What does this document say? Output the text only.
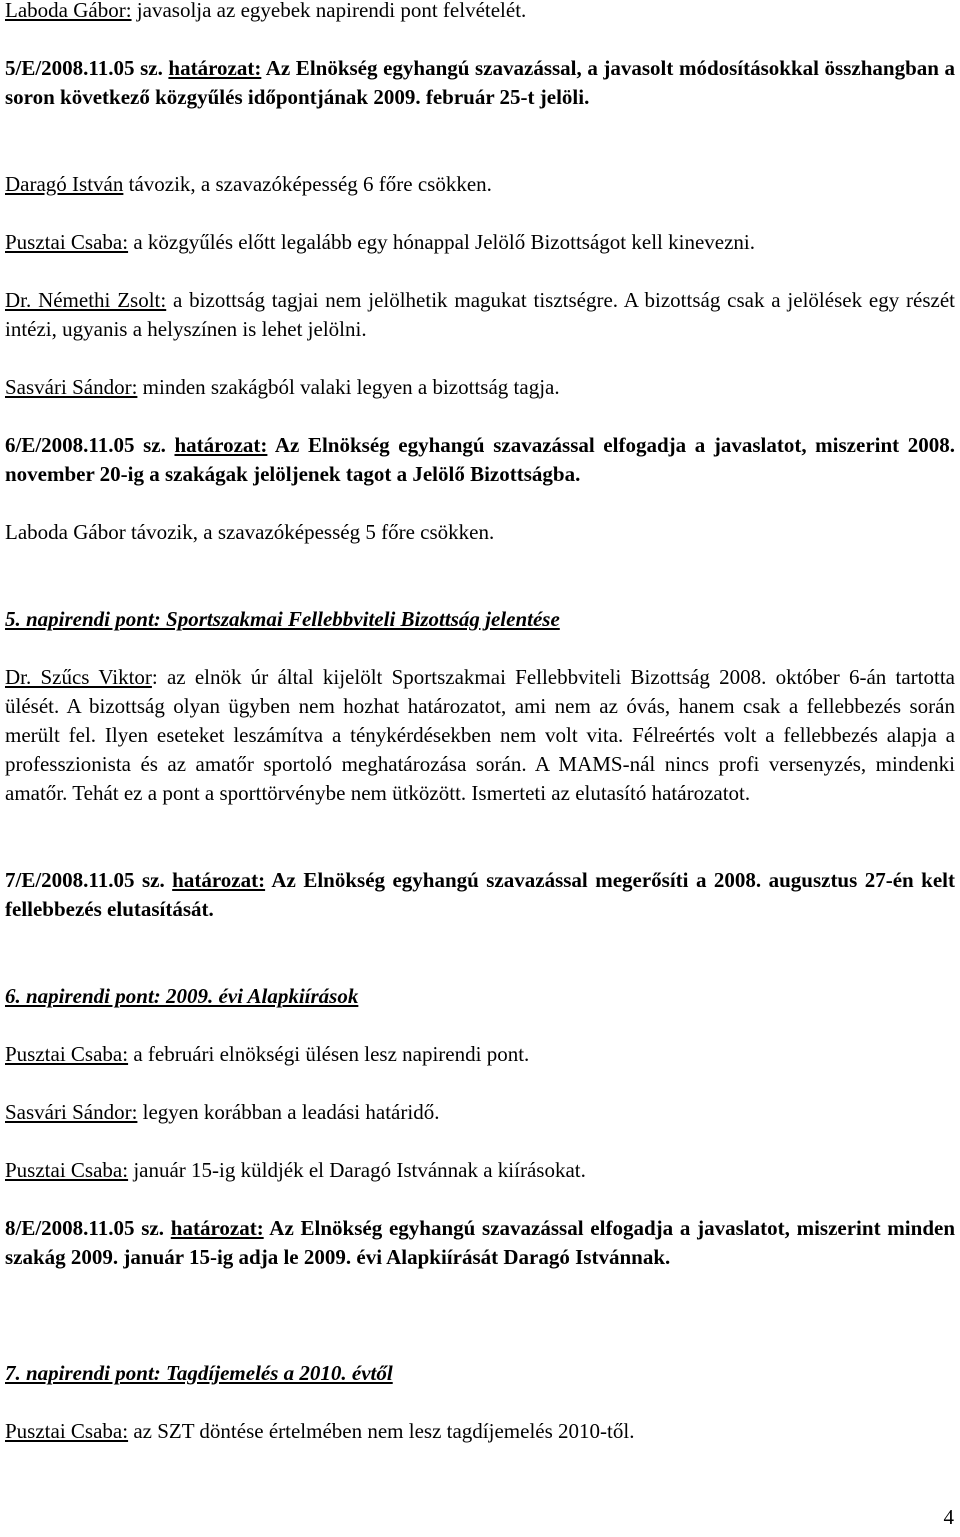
Laboda Gábor: javasolja az egyebek napirendi pont felvételét.

5/E/2008.11.05 sz. határozat: Az Elnökség egyhangú szavazással, a javasolt módosításokkal összhangban a soron következő közgyűlés időpontjának 2009. február 25-t jelöli.

Daragó István távozik, a szavazóképesség 6 főre csökken.

Pusztai Csaba: a közgyűlés előtt legalább egy hónappal Jelölő Bizottságot kell kinevezni.

Dr. Némethi Zsolt: a bizottság tagjai nem jelölhetik magukat tisztségre. A bizottság csak a jelölések egy részét intézi, ugyanis a helyszínen is lehet jelölni.

Sasvári Sándor: minden szakágból valaki legyen a bizottság tagja.

6/E/2008.11.05 sz. határozat: Az Elnökség egyhangú szavazással elfogadja a javaslatot, miszerint 2008. november 20-ig a szakágak jelöljenek tagot a Jelölő Bizottságba.

Laboda Gábor távozik, a szavazóképesség 5 főre csökken.

5. napirendi pont: Sportszakmai Fellebbviteli Bizottság jelentése

Dr. Szűcs Viktor: az elnök úr által kijelölt Sportszakmai Fellebbviteli Bizottság 2008. október 6-án tartotta ülését. A bizottság olyan ügyben nem hozhat határozatot, ami nem az óvás, hanem csak a fellebbezés során merült fel. Ilyen eseteket leszámítva a ténykérdésekben nem volt vita. Félreértés volt a fellebbezés alapja a professzionista és az amatőr sportoló meghatározása során. A MAMS-nál nincs profi versenyzés, mindenki amatőr. Tehát ez a pont a sporttörvénybe nem ütközött. Ismerteti az elutasító határozatot.

7/E/2008.11.05 sz. határozat: Az Elnökség egyhangú szavazással megerősíti a 2008. augusztus 27-én kelt fellebbezés elutasítását.

6. napirendi pont: 2009. évi Alapkiírások

Pusztai Csaba: a februári elnökségi ülésen lesz napirendi pont.

Sasvári Sándor: legyen korábban a leadási határidő.

Pusztai Csaba: január 15-ig küldjék el Daragó Istvánnak a kiírásokat.

8/E/2008.11.05 sz. határozat: Az Elnökség egyhangú szavazással elfogadja a javaslatot, miszerint minden szakág 2009. január 15-ig adja le 2009. évi Alapkiírását Daragó Istvánnak.

7. napirendi pont: Tagdíjemelés a 2010. évtől

Pusztai Csaba: az SZT döntése értelmében nem lesz tagdíjemelés 2010-től.

4
